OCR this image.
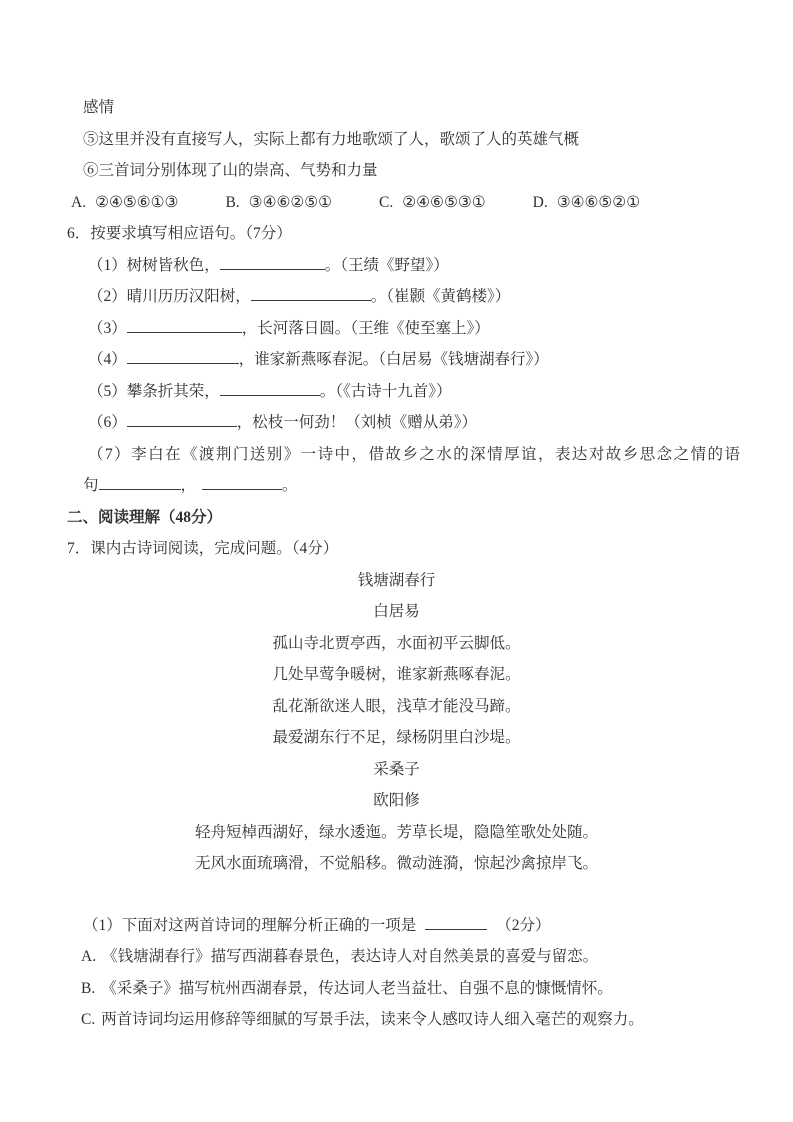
感情
⑤这里并没有直接写人，实际上都有力地歌颂了人，歌颂了人的英雄气概
⑥三首词分别体现了山的崇高、气势和力量
A. ②④⑤⑥①③	B. ③④⑥②⑤①	C. ②④⑥⑤③①	D. ③④⑥⑤②①
6．按要求填写相应语句。（7分）
（1）树树皆秋色，	。（王绩《野望》）
（2）晴川历历汉阳树，	。（崔颢《黄鹤楼》）
（3）	，长河落日圆。（王维《使至塞上》）
（4）	，谁家新燕啄春泥。（白居易《钱塘湖春行》）
（5）攀条折其荣，	。（《古诗十九首》）
（6）	，松枝一何劲！（刘桢《赠从弟》）
（7）李白在《渡荆门送别》一诗中，借故乡之水的深情厚谊，表达对故乡思念之情的语
句	，	。
二、阅读理解（48分）
7．课内古诗词阅读，完成问题。（4分）
钱塘湖春行
白居易
孤山寺北贾亭西，水面初平云脚低。
几处早莺争暖树，谁家新燕啄春泥。
乱花渐欲迷人眼，浅草才能没马蹄。
最爱湖东行不足，绿杨阴里白沙堤。
采桑子
欧阳修
轻舟短棹西湖好，绿水逶迤。芳草长堤，隐隐笙歌处处随。
无风水面琉璃滑，不觉船移。微动涟漪，惊起沙禽掠岸飞。
（1）下面对这两首诗词的理解分析正确的一项是	（2分）
A. 《钱塘湖春行》描写西湖暮春景色，表达诗人对自然美景的喜爱与留恋。
B. 《采桑子》描写杭州西湖春景，传达词人老当益壮、自强不息的慷慨情怀。
C. 两首诗词均运用修辞等细腻的写景手法，读来令人感叹诗人细入毫芒的观察力。
